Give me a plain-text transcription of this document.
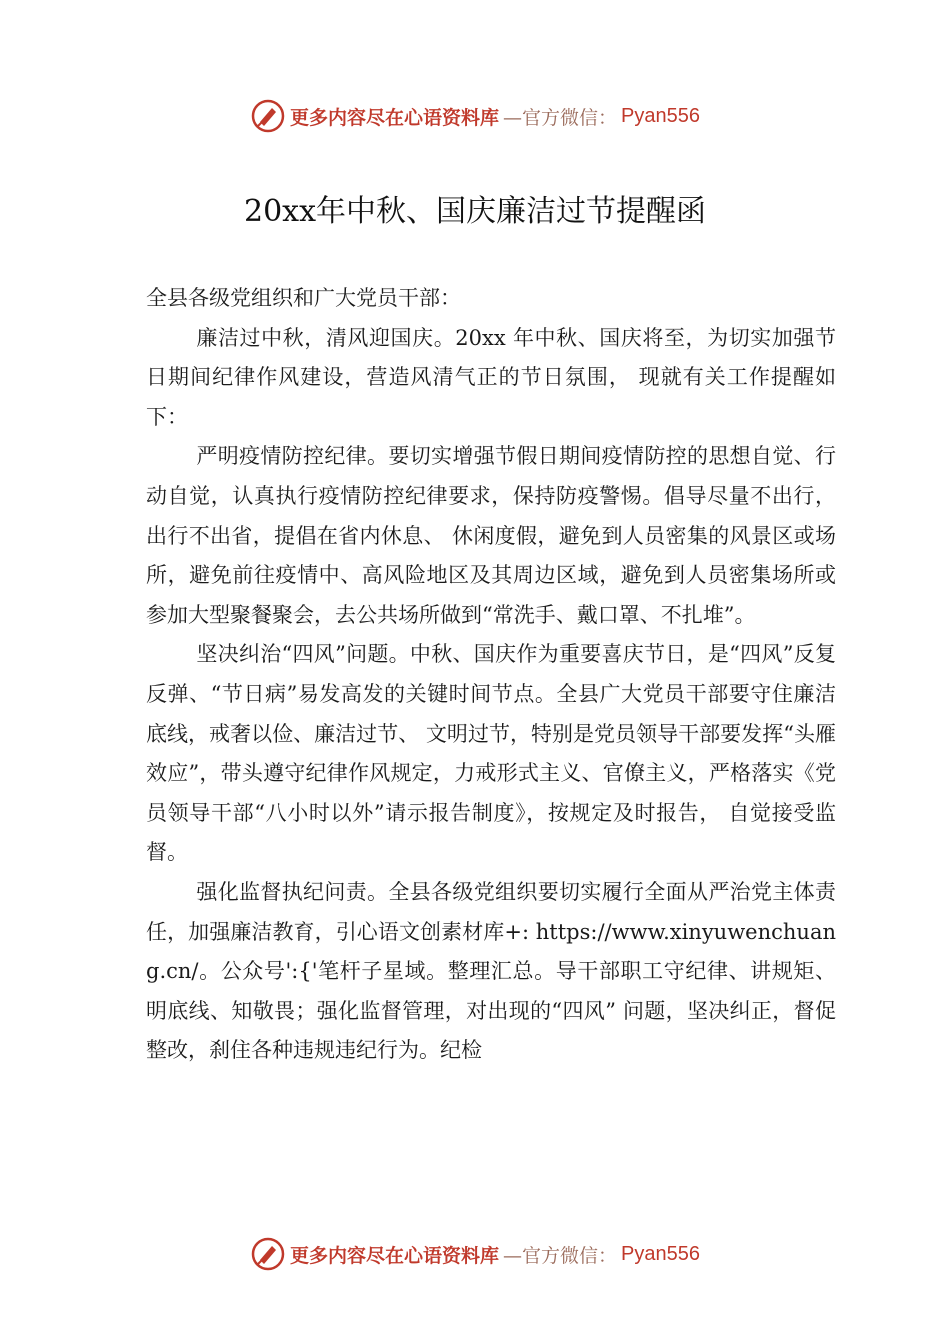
更多内容尽在心语资料库 —官方微信： Pyan556
20xx年中秋、国庆廉洁过节提醒函

全县各级党组织和广大党员干部：

廉洁过中秋，清风迎国庆。20xx 年中秋、国庆将至，为切实加强节日期间纪律作风建设，营造风清气正的节日氛围， 现就有关工作提醒如下：

严明疫情防控纪律。要切实增强节假日期间疫情防控的思想自觉、行动自觉，认真执行疫情防控纪律要求，保持防疫警惕。倡导尽量不出行，出行不出省，提倡在省内休息、 休闲度假，避免到人员密集的风景区或场所，避免前往疫情中、高风险地区及其周边区域，避免到人员密集场所或参加大型聚餐聚会，去公共场所做到“常洗手、戴口罩、不扎堆”。

坚决纠治“四风”问题。中秋、国庆作为重要喜庆节日，是“四风”反复反弹、“节日病”易发高发的关键时间节点。全县广大党员干部要守住廉洁底线，戒奢以俭、廉洁过节、 文明过节，特别是党员领导干部要发挥“头雁效应”，带头遵守纪律作风规定，力戒形式主义、官僚主义，严格落实《党员领导干部“八小时以外”请示报告制度》，按规定及时报告， 自觉接受监督。

强化监督执纪问责。全县各级党组织要切实履行全面从严治党主体责任，加强廉洁教育，引心语文创素材库+: https://www.xinyuwenchuang.cn/。公众号':{'笔杆子星域。整理汇总。导干部职工守纪律、讲规矩、明底线、知敬畏；强化监督管理，对出现的“四风” 问题，坚决纠正，督促整改，刹住各种违规违纪行为。纪检

更多内容尽在心语资料库 —官方微信： Pyan556
